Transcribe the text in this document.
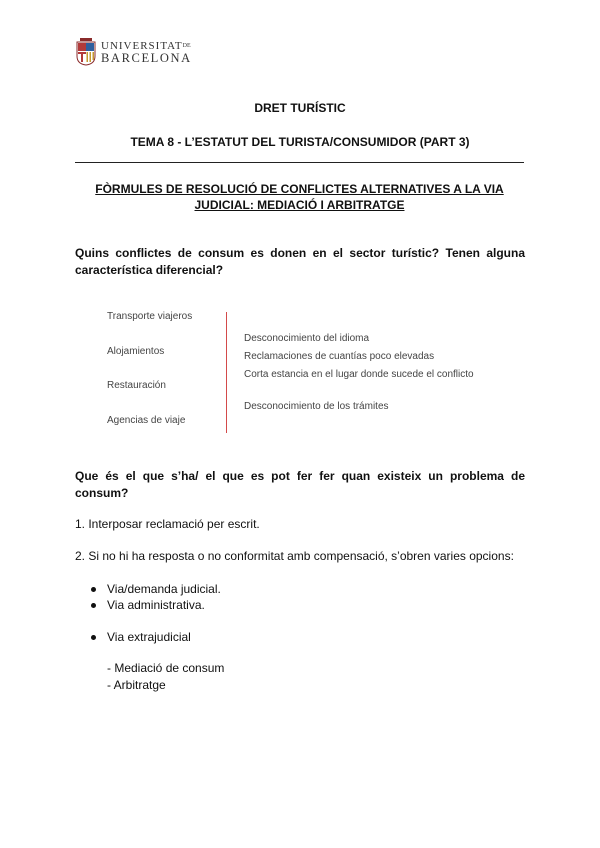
$UNIVERSITAT^{DE}$
BARCELONA
DRET TURÍSTIC
TEMA 8 - L’ESTATUT DEL TURISTA/CONSUMIDOR (PART 3)
FÒRMULES DE RESOLUCIÓ DE CONFLICTES ALTERNATIVES A LA VIA JUDICIAL: MEDIACIÓ I ARBITRATGE
Quins conflictes de consum es donen en el sector turístic? Tenen alguna característica diferencial?
Transporte viajeros
Alojamientos
Restauración
Agencias de viaje
Desconocimiento del idioma
Reclamaciones de cuantías poco elevadas
Corta estancia en el lugar donde sucede el conflicto
Desconocimiento de los trámites
Que és el que s’ha/ el que es pot fer fer quan existeix un problema de consum?
1. Interposar reclamació per escrit.
2. Si no hi ha resposta o no conformitat amb compensació, s’obren varies opcions:
Via/demanda judicial.
Via administrativa.
Via extrajudicial
- Mediació de consum
- Arbitratge
